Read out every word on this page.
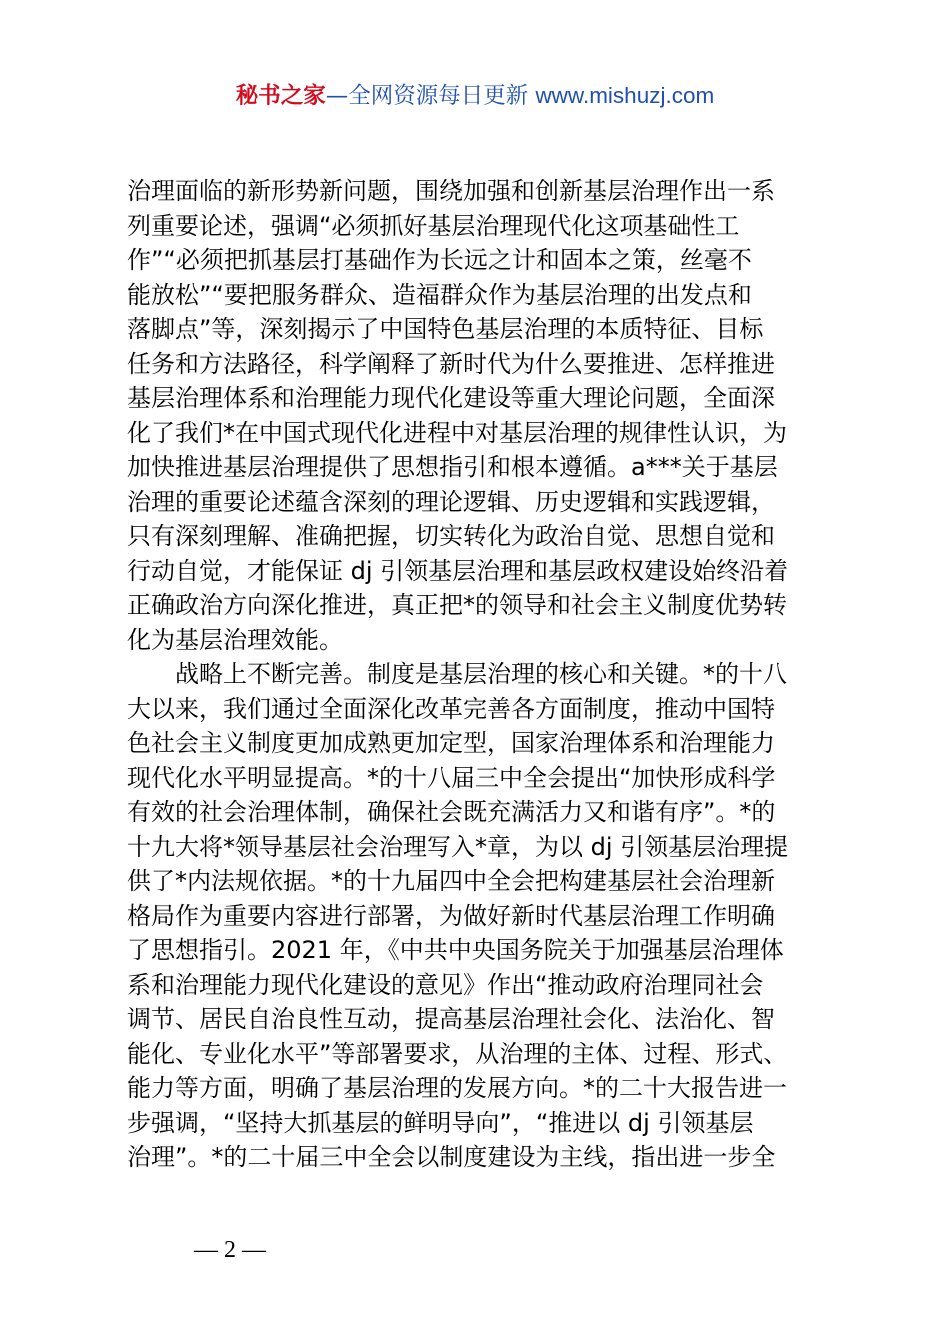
秘书之家—全网资源每日更新 www.mishuzj.com
治理面临的新形势新问题，围绕加强和创新基层治理作出一系
列重要论述，强调“必须抓好基层治理现代化这项基础性工
作”“必须把抓基层打基础作为长远之计和固本之策，丝毫不
能放松”“要把服务群众、造福群众作为基层治理的出发点和
落脚点”等，深刻揭示了中国特色基层治理的本质特征、目标
任务和方法路径，科学阐释了新时代为什么要推进、怎样推进
基层治理体系和治理能力现代化建设等重大理论问题，全面深
化了我们*在中国式现代化进程中对基层治理的规律性认识，为
加快推进基层治理提供了思想指引和根本遵循。a***关于基层
治理的重要论述蕴含深刻的理论逻辑、历史逻辑和实践逻辑，
只有深刻理解、准确把握，切实转化为政治自觉、思想自觉和
行动自觉，才能保证 dj 引领基层治理和基层政权建设始终沿着
正确政治方向深化推进，真正把*的领导和社会主义制度优势转
化为基层治理效能。
　　战略上不断完善。制度是基层治理的核心和关键。*的十八
大以来，我们通过全面深化改革完善各方面制度，推动中国特
色社会主义制度更加成熟更加定型，国家治理体系和治理能力
现代化水平明显提高。*的十八届三中全会提出“加快形成科学
有效的社会治理体制，确保社会既充满活力又和谐有序”。*的
十九大将*领导基层社会治理写入*章，为以 dj 引领基层治理提
供了*内法规依据。*的十九届四中全会把构建基层社会治理新
格局作为重要内容进行部署，为做好新时代基层治理工作明确
了思想指引。2021 年，《中共中央国务院关于加强基层治理体
系和治理能力现代化建设的意见》作出“推动政府治理同社会
调节、居民自治良性互动，提高基层治理社会化、法治化、智
能化、专业化水平”等部署要求，从治理的主体、过程、形式、
能力等方面，明确了基层治理的发展方向。*的二十大报告进一
步强调，“坚持大抓基层的鲜明导向”，“推进以 dj 引领基层
治理”。*的二十届三中全会以制度建设为主线，指出进一步全
— 2 —
